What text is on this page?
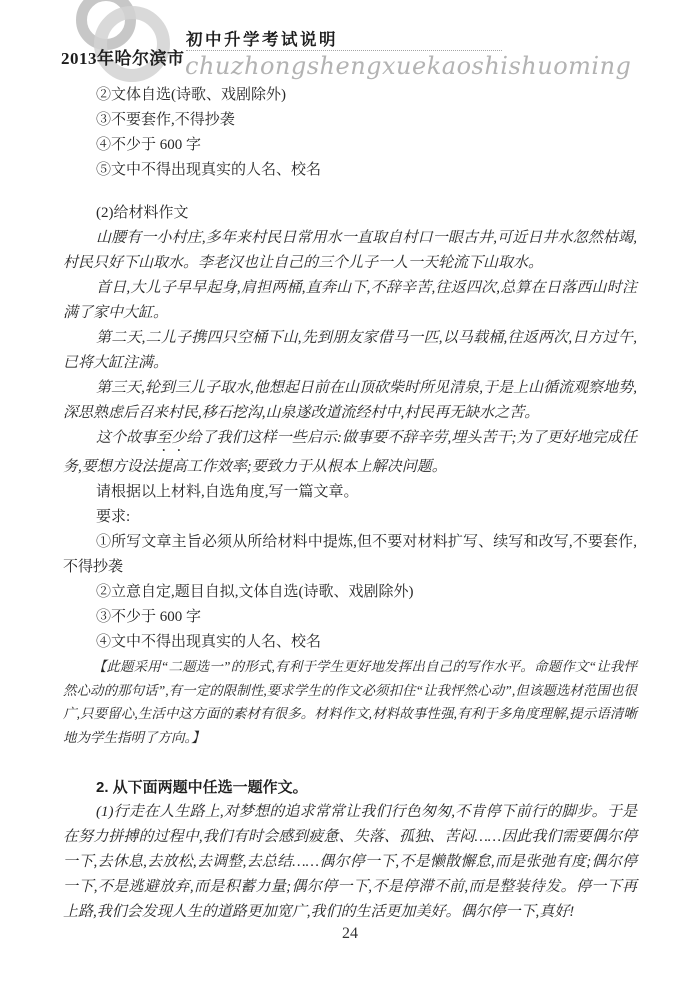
2013年哈尔滨市
初中升学考试说明
chuzhongshengxuekaoshishuoming

②文体自选(诗歌、戏剧除外)

③不要套作,不得抄袭

④不少于 600 字

⑤文中不得出现真实的人名、校名

(2)给材料作文

山腰有一小村庄,多年来村民日常用水一直取自村口一眼古井,可近日井水忽然枯竭,村民只好下山取水。李老汉也让自己的三个儿子一人一天轮流下山取水。

首日,大儿子早早起身,肩担两桶,直奔山下,不辞辛苦,往返四次,总算在日落西山时注满了家中大缸。

第二天,二儿子携四只空桶下山,先到朋友家借马一匹,以马载桶,往返两次,日方过午,已将大缸注满。

第三天,轮到三儿子取水,他想起日前在山顶砍柴时所见清泉,于是上山循流观察地势,深思熟虑后召来村民,移石挖沟,山泉遂改道流经村中,村民再无缺水之苦。

这个故事至少给了我们这样一些启示:做事要不辞辛劳,埋头苦干;为了更好地完成任务,要想方设法提高工作效率;要致力于从根本上解决问题。

请根据以上材料,自选角度,写一篇文章。

要求:

①所写文章主旨必须从所给材料中提炼,但不要对材料扩写、续写和改写,不要套作,不得抄袭

②立意自定,题目自拟,文体自选(诗歌、戏剧除外)

③不少于 600 字

④文中不得出现真实的人名、校名

【此题采用“二题选一”的形式,有利于学生更好地发挥出自己的写作水平。命题作文“让我怦然心动的那句话”,有一定的限制性,要求学生的作文必须扣住“让我怦然心动”,但该题选材范围也很广,只要留心,生活中这方面的素材有很多。材料作文,材料故事性强,有利于多角度理解,提示语清晰地为学生指明了方向。】

2. 从下面两题中任选一题作文。

(1)行走在人生路上,对梦想的追求常常让我们行色匆匆,不肯停下前行的脚步。于是在努力拼搏的过程中,我们有时会感到疲惫、失落、孤独、苦闷……因此我们需要偶尔停一下,去休息,去放松,去调整,去总结……偶尔停一下,不是懒散懈怠,而是张弛有度;偶尔停一下,不是逃避放弃,而是积蓄力量;偶尔停一下,不是停滞不前,而是整装待发。停一下再上路,我们会发现人生的道路更加宽广,我们的生活更加美好。偶尔停一下,真好!

24
